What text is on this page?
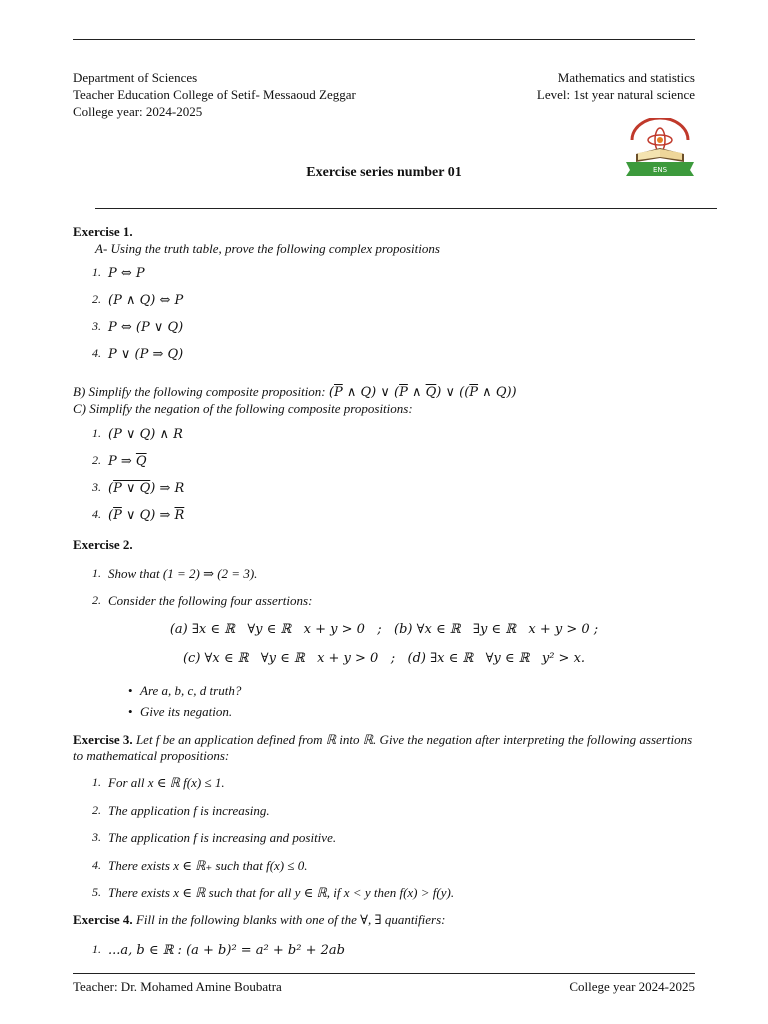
Department of Sciences
Teacher Education College of Setif- Messaoud Zeggar
College year: 2024-2025
Mathematics and statistics
Level: 1st year natural science
ENS
Exercise series number 01
Exercise 1.
A- Using the truth table, prove the following complex propositions
1. P ⇔ P
2. (P ∧ Q) ⇔ P
3. P ⇔ (P ∨ Q)
4. P ∨ (P ⇒ Q)
B) Simplify the following composite proposition: ($\overline{P}$ ∧ Q) ∨ ($\overline{P}$ ∧ $\overline{Q}$) ∨ (($\overline{P}$ ∧ Q))
C) Simplify the negation of the following composite propositions:
1. (P ∨ Q) ∧ R
2. P ⇒ $\overline{Q}$
3. (P ∨ Q) ⇒ R
4. ($\overline{P}$ ∨ Q) ⇒ $\overline{R}$
Exercise 2.
1. Show that (1 = 2) ⇒ (2 = 3).
2. Consider the following four assertions:
(a) ∃x ∈ ℝ   ∀y ∈ ℝ   x + y > 0   ;   (b) ∀x ∈ ℝ   ∃y ∈ ℝ   x + y > 0 ;
(c) ∀x ∈ ℝ   ∀y ∈ ℝ   x + y > 0   ;   (d) ∃x ∈ ℝ   ∀y ∈ ℝ   y² > x.
• Are a, b, c, d truth?
• Give its negation.
Exercise 3. Let f be an application defined from ℝ into ℝ. Give the negation after interpreting the following assertions to mathematical propositions:
1. For all x ∈ ℝ f(x) ≤ 1.
2. The application f is increasing.
3. The application f is increasing and positive.
4. There exists x ∈ ℝ₊ such that f(x) ≤ 0.
5. There exists x ∈ ℝ such that for all y ∈ ℝ, if x < y then f(x) > f(y).
Exercise 4. Fill in the following blanks with one of the ∀, ∃ quantifiers:
1. ...a, b ∈ ℝ : (a + b)² = a² + b² + 2ab
Teacher: Dr. Mohamed Amine Boubatra	College year 2024-2025
